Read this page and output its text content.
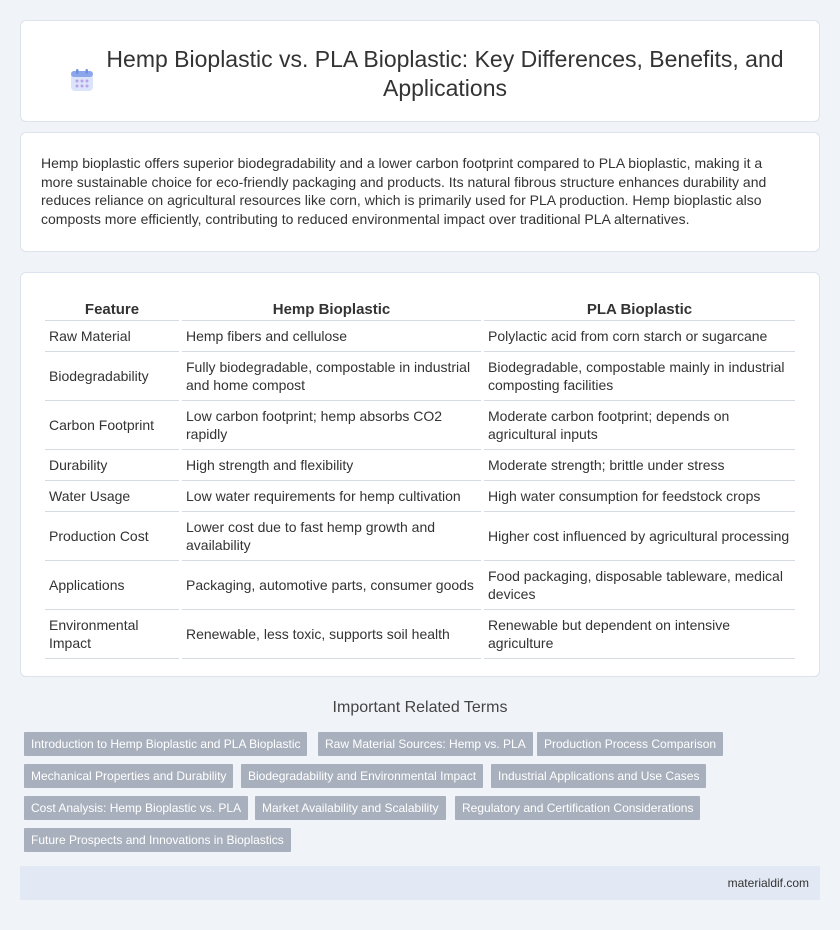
Hemp Bioplastic vs. PLA Bioplastic: Key Differences, Benefits, and Applications

Hemp bioplastic offers superior biodegradability and a lower carbon footprint compared to PLA bioplastic, making it a more sustainable choice for eco-friendly packaging and products. Its natural fibrous structure enhances durability and reduces reliance on agricultural resources like corn, which is primarily used for PLA production. Hemp bioplastic also composts more efficiently, contributing to reduced environmental impact over traditional PLA alternatives.

Feature	Hemp Bioplastic	PLA Bioplastic
Raw Material	Hemp fibers and cellulose	Polylactic acid from corn starch or sugarcane
Biodegradability	Fully biodegradable, compostable in industrial and home compost	Biodegradable, compostable mainly in industrial composting facilities
Carbon Footprint	Low carbon footprint; hemp absorbs CO2 rapidly	Moderate carbon footprint; depends on agricultural inputs
Durability	High strength and flexibility	Moderate strength; brittle under stress
Water Usage	Low water requirements for hemp cultivation	High water consumption for feedstock crops
Production Cost	Lower cost due to fast hemp growth and availability	Higher cost influenced by agricultural processing
Applications	Packaging, automotive parts, consumer goods	Food packaging, disposable tableware, medical devices
Environmental Impact	Renewable, less toxic, supports soil health	Renewable but dependent on intensive agriculture
Important Related Terms
Introduction to Hemp Bioplastic and PLA Bioplastic	Raw Material Sources: Hemp vs. PLA	Production Process Comparison
Mechanical Properties and Durability	Biodegradability and Environmental Impact	Industrial Applications and Use Cases
Cost Analysis: Hemp Bioplastic vs. PLA	Market Availability and Scalability	Regulatory and Certification Considerations
Future Prospects and Innovations in Bioplastics
materialdif.com
